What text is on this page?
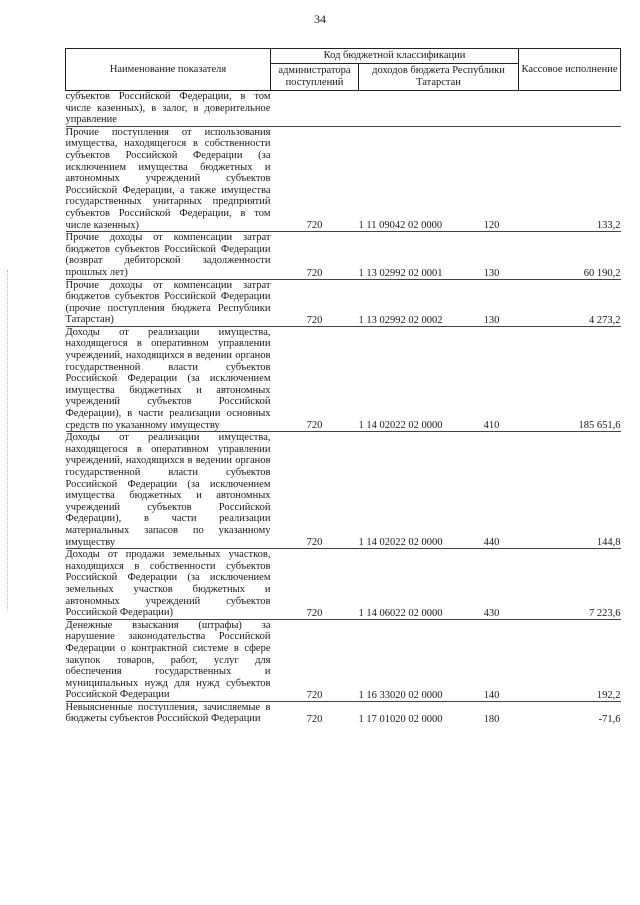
34
Наименование показателя	Код бюджетной классификации			Кассовое исполнение
	администратора поступлений	доходов бюджета Республики Татарстан		
субъектов Российской Федерации, в том числе казенных), в залог, в доверительное управление				
Прочие поступления от использования имущества, находящегося в собственности субъектов Российской Федерации (за исключением имущества бюджетных и автономных учреждений субъектов Российской Федерации, а также имущества государственных унитарных предприятий субъектов Российской Федерации, в том числе казенных)	720	1 11 09042 02 0000	120	133,2
Прочие доходы от компенсации затрат бюджетов субъектов Российской Федерации (возврат дебиторской задолженности прошлых лет)	720	1 13 02992 02 0001	130	60 190,2
Прочие доходы от компенсации затрат бюджетов субъектов Российской Федерации (прочие поступления бюджета Республики Татарстан)	720	1 13 02992 02 0002	130	4 273,2
Доходы от реализации имущества, находящегося в оперативном управлении учреждений, находящихся в ведении органов государственной власти субъектов Российской Федерации (за исключением имущества бюджетных и автономных учреждений субъектов Российской Федерации), в части реализации основных средств по указанному имуществу	720	1 14 02022 02 0000	410	185 651,6
Доходы от реализации имущества, находящегося в оперативном управлении учреждений, находящихся в ведении органов государственной власти субъектов Российской Федерации (за исключением имущества бюджетных и автономных учреждений субъектов Российской Федерации), в части реализации материальных запасов по указанному имуществу	720	1 14 02022 02 0000	440	144,8
Доходы от продажи земельных участков, находящихся в собственности субъектов Российской Федерации (за исключением земельных участков бюджетных и автономных учреждений субъектов Российской Федерации)	720	1 14 06022 02 0000	430	7 223,6
Денежные взыскания (штрафы) за нарушение законодательства Российской Федерации о контрактной системе в сфере закупок товаров, работ, услуг для обеспечения государственных и муниципальных нужд для нужд субъектов Российской Федерации	720	1 16 33020 02 0000	140	192,2
Невыясненные поступления, зачисляемые в бюджеты субъектов Российской Федерации	720	1 17 01020 02 0000	180	-71,6
